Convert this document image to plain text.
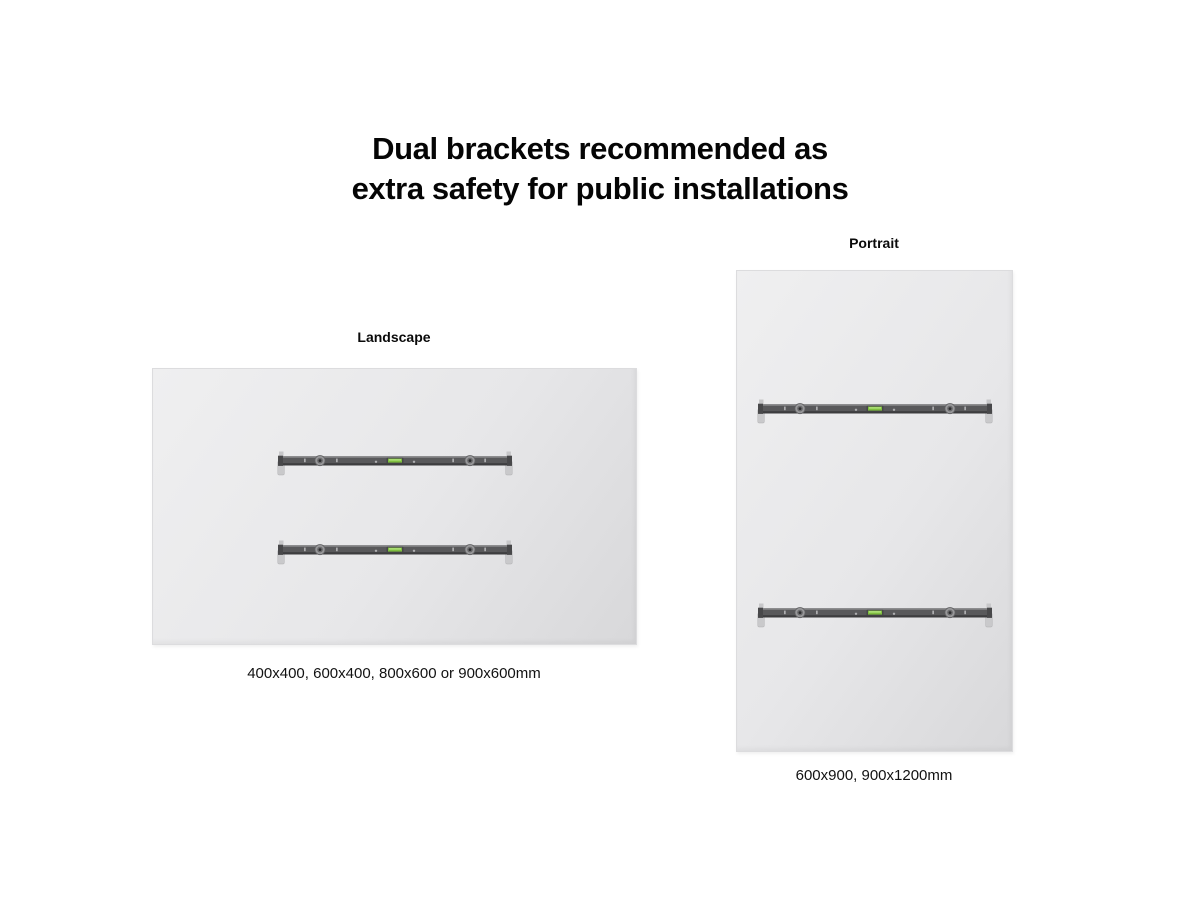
Dual brackets recommended as
extra safety for public installations
Landscape
400x400, 600x400, 800x600 or 900x600mm
Portrait
600x900, 900x1200mm
